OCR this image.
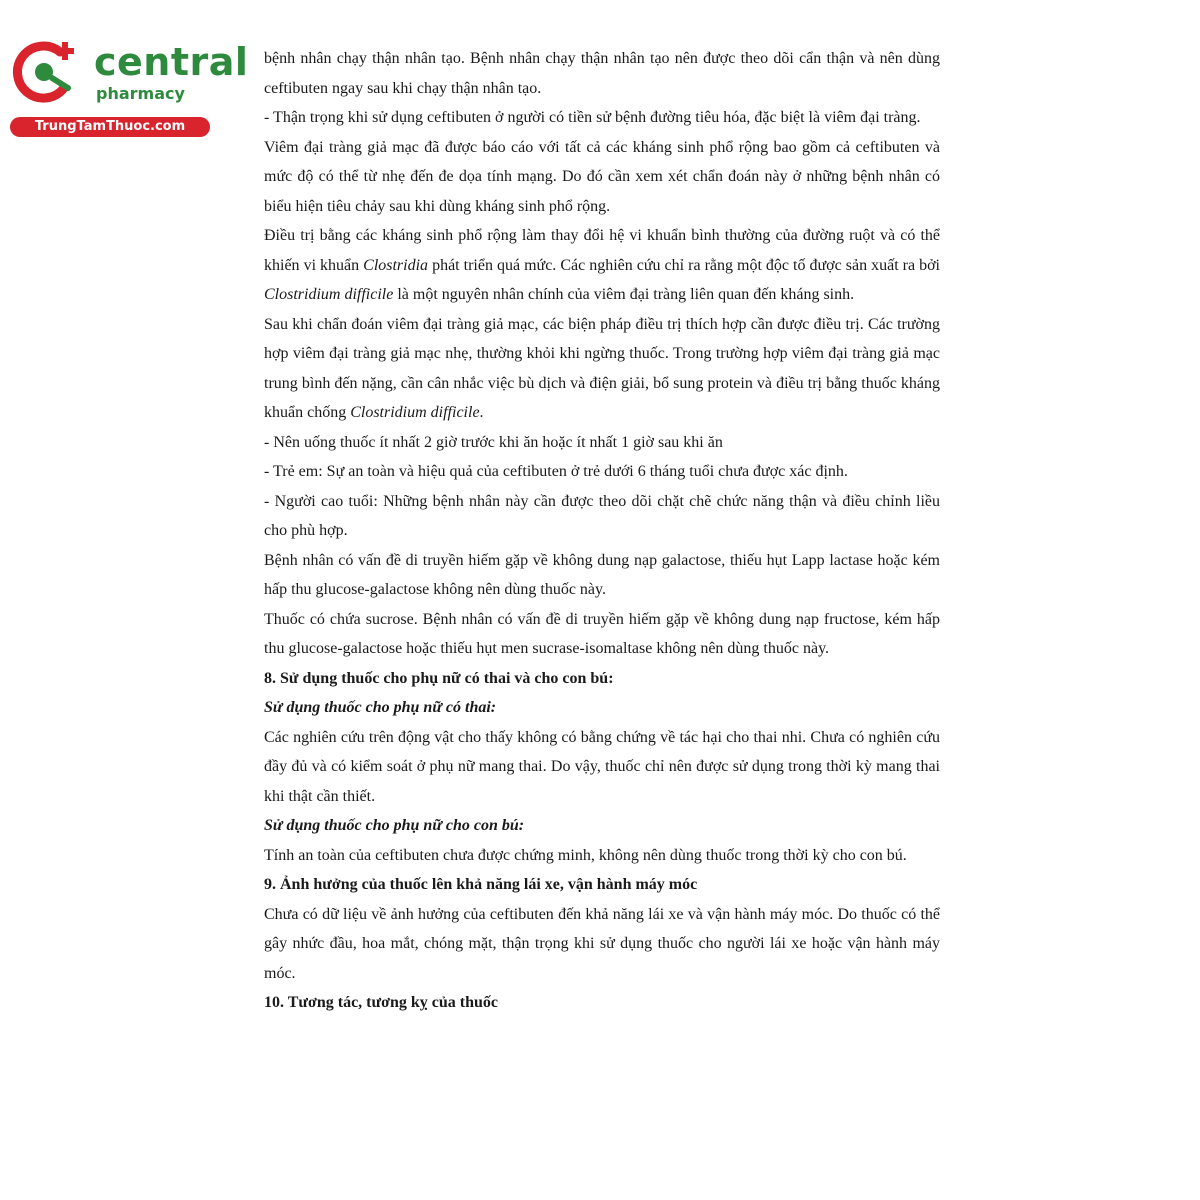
central
pharmacy
TrungTamThuoc.com

bệnh nhân chạy thận nhân tạo. Bệnh nhân chạy thận nhân tạo nên được theo dõi cẩn thận và nên dùng ceftibuten ngay sau khi chạy thận nhân tạo.

- Thận trọng khi sử dụng ceftibuten ở người có tiền sử bệnh đường tiêu hóa, đặc biệt là viêm đại tràng.

Viêm đại tràng giả mạc đã được báo cáo với tất cả các kháng sinh phổ rộng bao gồm cả ceftibuten và mức độ có thể từ nhẹ đến đe dọa tính mạng. Do đó cần xem xét chẩn đoán này ở những bệnh nhân có biểu hiện tiêu chảy sau khi dùng kháng sinh phổ rộng.

Điều trị bằng các kháng sinh phổ rộng làm thay đổi hệ vi khuẩn bình thường của đường ruột và có thể khiến vi khuẩn Clostridia phát triển quá mức. Các nghiên cứu chỉ ra rằng một độc tố được sản xuất ra bởi Clostridium difficile là một nguyên nhân chính của viêm đại tràng liên quan đến kháng sinh.

Sau khi chẩn đoán viêm đại tràng giả mạc, các biện pháp điều trị thích hợp cần được điều trị. Các trường hợp viêm đại tràng giả mạc nhẹ, thường khỏi khi ngừng thuốc. Trong trường hợp viêm đại tràng giả mạc trung bình đến nặng, cần cân nhắc việc bù dịch và điện giải, bổ sung protein và điều trị bằng thuốc kháng khuẩn chống Clostridium difficile.

- Nên uống thuốc ít nhất 2 giờ trước khi ăn hoặc ít nhất 1 giờ sau khi ăn

- Trẻ em: Sự an toàn và hiệu quả của ceftibuten ở trẻ dưới 6 tháng tuổi chưa được xác định.

- Người cao tuổi: Những bệnh nhân này cần được theo dõi chặt chẽ chức năng thận và điều chỉnh liều cho phù hợp.

Bệnh nhân có vấn đề di truyền hiếm gặp về không dung nạp galactose, thiếu hụt Lapp lactase hoặc kém hấp thu glucose-galactose không nên dùng thuốc này.

Thuốc có chứa sucrose. Bệnh nhân có vấn đề di truyền hiếm gặp về không dung nạp fructose, kém hấp thu glucose-galactose hoặc thiếu hụt men sucrase-isomaltase không nên dùng thuốc này.

8. Sử dụng thuốc cho phụ nữ có thai và cho con bú:

Sử dụng thuốc cho phụ nữ có thai:

Các nghiên cứu trên động vật cho thấy không có bằng chứng về tác hại cho thai nhi. Chưa có nghiên cứu đầy đủ và có kiểm soát ở phụ nữ mang thai. Do vậy, thuốc chỉ nên được sử dụng trong thời kỳ mang thai khi thật cần thiết.

Sử dụng thuốc cho phụ nữ cho con bú:

Tính an toàn của ceftibuten chưa được chứng minh, không nên dùng thuốc trong thời kỳ cho con bú.

9. Ảnh hưởng của thuốc lên khả năng lái xe, vận hành máy móc

Chưa có dữ liệu về ảnh hưởng của ceftibuten đến khả năng lái xe và vận hành máy móc. Do thuốc có thể gây nhức đầu, hoa mắt, chóng mặt, thận trọng khi sử dụng thuốc cho người lái xe hoặc vận hành máy móc.

10. Tương tác, tương kỵ của thuốc
